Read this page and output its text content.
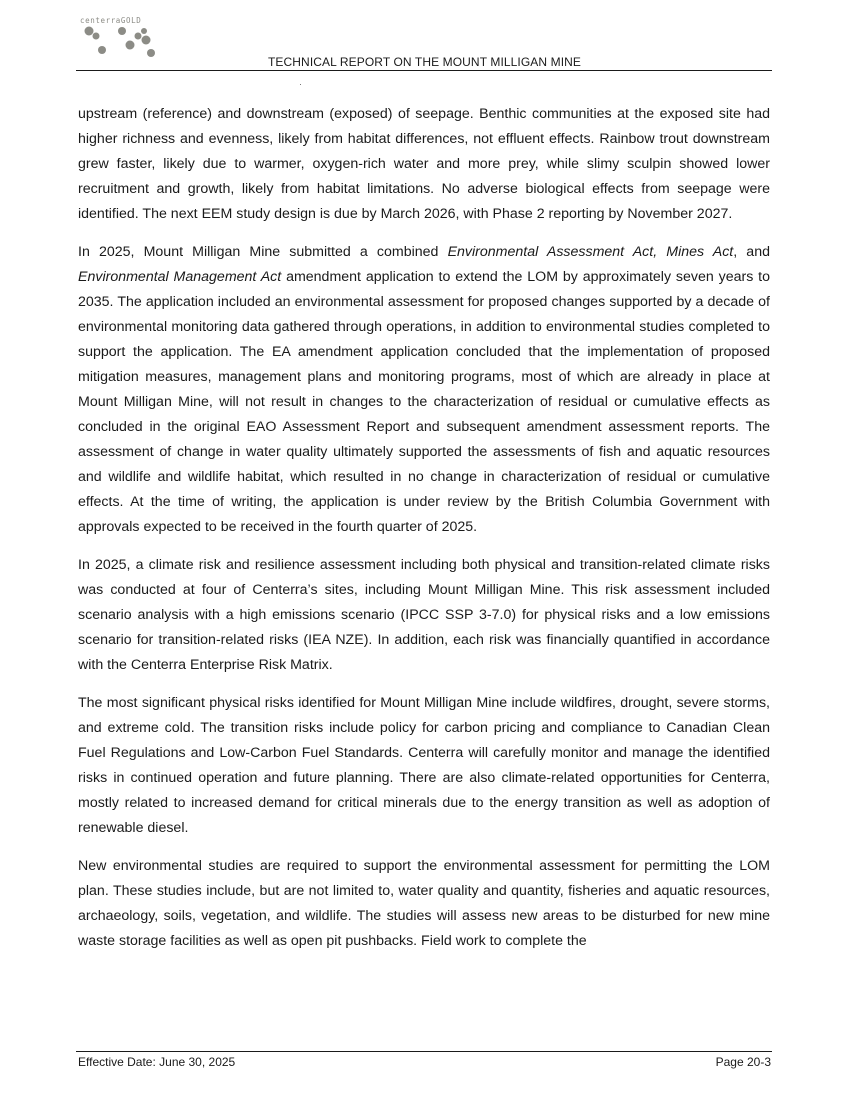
centerraGOLD
TECHNICAL REPORT ON THE MOUNT MILLIGAN MINE

upstream (reference) and downstream (exposed) of seepage. Benthic communities at the exposed site had higher richness and evenness, likely from habitat differences, not effluent effects. Rainbow trout downstream grew faster, likely due to warmer, oxygen-rich water and more prey, while slimy sculpin showed lower recruitment and growth, likely from habitat limitations. No adverse biological effects from seepage were identified. The next EEM study design is due by March 2026, with Phase 2 reporting by November 2027.

In 2025, Mount Milligan Mine submitted a combined Environmental Assessment Act, Mines Act, and Environmental Management Act amendment application to extend the LOM by approximately seven years to 2035. The application included an environmental assessment for proposed changes supported by a decade of environmental monitoring data gathered through operations, in addition to environmental studies completed to support the application. The EA amendment application concluded that the implementation of proposed mitigation measures, management plans and monitoring programs, most of which are already in place at Mount Milligan Mine, will not result in changes to the characterization of residual or cumulative effects as concluded in the original EAO Assessment Report and subsequent amendment assessment reports. The assessment of change in water quality ultimately supported the assessments of fish and aquatic resources and wildlife and wildlife habitat, which resulted in no change in characterization of residual or cumulative effects. At the time of writing, the application is under review by the British Columbia Government with approvals expected to be received in the fourth quarter of 2025.

In 2025, a climate risk and resilience assessment including both physical and transition-related climate risks was conducted at four of Centerra’s sites, including Mount Milligan Mine. This risk assessment included scenario analysis with a high emissions scenario (IPCC SSP 3-7.0) for physical risks and a low emissions scenario for transition-related risks (IEA NZE). In addition, each risk was financially quantified in accordance with the Centerra Enterprise Risk Matrix.

The most significant physical risks identified for Mount Milligan Mine include wildfires, drought, severe storms, and extreme cold. The transition risks include policy for carbon pricing and compliance to Canadian Clean Fuel Regulations and Low-Carbon Fuel Standards. Centerra will carefully monitor and manage the identified risks in continued operation and future planning. There are also climate-related opportunities for Centerra, mostly related to increased demand for critical minerals due to the energy transition as well as adoption of renewable diesel.

New environmental studies are required to support the environmental assessment for permitting the LOM plan. These studies include, but are not limited to, water quality and quantity, fisheries and aquatic resources, archaeology, soils, vegetation, and wildlife. The studies will assess new areas to be disturbed for new mine waste storage facilities as well as open pit pushbacks. Field work to complete the

Effective Date: June 30, 2025	Page 20-3
